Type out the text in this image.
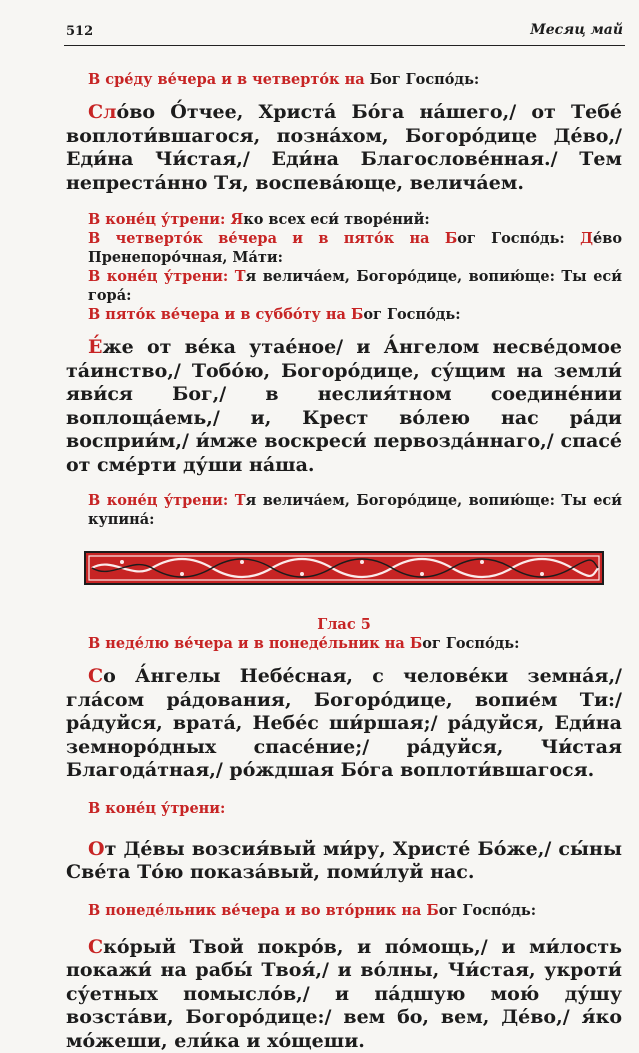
512	Месяц май

В сре́ду ве́чера и в четверто́к на Бог Госпо́дь:

Сло́во О́тчее, Христа́ Бо́га на́шего,/ от Тебе́ воплоти́вшагося, позна́хом, Богоро́дице Де́во,/ Еди́на Чи́стая,/ Еди́на Благослове́нная./ Тем непреста́нно Тя, воспева́юще, велича́ем.

В коне́ц у́трени: Яко всех еси́ творе́ний:

В четверто́к ве́чера и в пято́к на Бог Госпо́дь: Де́во Пренепоро́чная, Ма́ти:

В коне́ц у́трени: Тя велича́ем, Богоро́дице, вопию́ще: Ты еси́ гора́:

В пято́к ве́чера и в суббо́ту на Бог Госпо́дь:

Е́же от ве́ка утае́ное/ и А́нгелом несве́домое та́инство,/ Тобо́ю, Богоро́дице, су́щим на земли́ яви́ся Бог,/ в неслия́тном соедине́нии воплоща́емь,/ и, Крест во́лею нас ра́ди восприи́м,/ и́мже воскреси́ первозда́ннаго,/ спасе́ от сме́рти ду́ши на́ша.

В коне́ц у́трени: Тя велича́ем, Богоро́дице, вопию́ще: Ты еси́ купина́:

Глас 5

В неде́лю ве́чера и в понеде́льник на Бог Госпо́дь:

Со А́нгелы Небе́сная, с челове́ки земна́я,/ гла́сом ра́дования, Богоро́дице, вопие́м Ти:/ ра́дуйся, врата́, Небе́с ши́ршая;/ ра́дуйся, Еди́на земноро́дных спасе́ние;/ ра́дуйся, Чи́стая Благода́тная,/ ро́ждшая Бо́га воплоти́вшагося.

В коне́ц у́трени:

От Де́вы возсия́вый ми́ру, Христе́ Бо́же,/ сы́ны Све́та То́ю показа́вый, поми́луй нас.

В понеде́льник ве́чера и во вто́рник на Бог Госпо́дь:

Ско́рый Твой покро́в, и по́мощь,/ и ми́лость покажи́ на рабы́ Твоя́,/ и во́лны, Чи́стая, укроти́ су́етных помысло́в,/ и па́дшую мою́ ду́шу возста́ви, Богоро́дице:/ вем бо, вем, Де́во,/ я́ко мо́жеши, ели́ка и хо́щеши.
